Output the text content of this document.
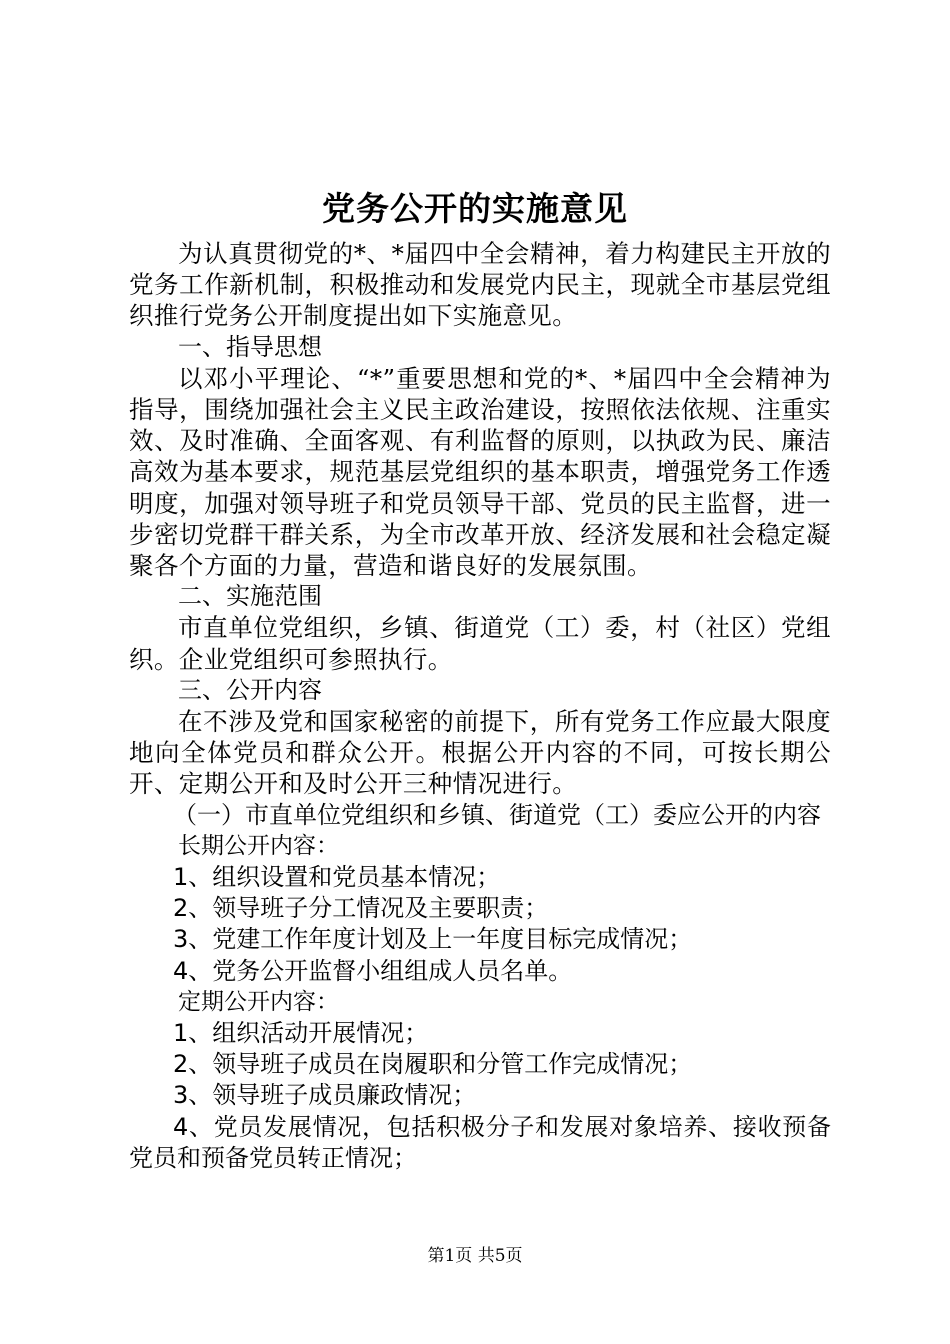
党务公开的实施意见

为认真贯彻党的*、*届四中全会精神，着力构建民主开放的党务工作新机制，积极推动和发展党内民主，现就全市基层党组织推行党务公开制度提出如下实施意见。

一、指导思想

以邓小平理论、“*”重要思想和党的*、*届四中全会精神为指导，围绕加强社会主义民主政治建设，按照依法依规、注重实效、及时准确、全面客观、有利监督的原则，以执政为民、廉洁高效为基本要求，规范基层党组织的基本职责，增强党务工作透明度，加强对领导班子和党员领导干部、党员的民主监督，进一步密切党群干群关系，为全市改革开放、经济发展和社会稳定凝聚各个方面的力量，营造和谐良好的发展氛围。

二、实施范围

市直单位党组织，乡镇、街道党（工）委，村（社区）党组织。企业党组织可参照执行。

三、公开内容

在不涉及党和国家秘密的前提下，所有党务工作应最大限度地向全体党员和群众公开。根据公开内容的不同，可按长期公开、定期公开和及时公开三种情况进行。

（一）市直单位党组织和乡镇、街道党（工）委应公开的内容

长期公开内容：

1、组织设置和党员基本情况；

2、领导班子分工情况及主要职责；

3、党建工作年度计划及上一年度目标完成情况；

4、党务公开监督小组组成人员名单。

定期公开内容：

1、组织活动开展情况；

2、领导班子成员在岗履职和分管工作完成情况；

3、领导班子成员廉政情况；

4、党员发展情况，包括积极分子和发展对象培养、接收预备党员和预备党员转正情况；

第1页 共5页
